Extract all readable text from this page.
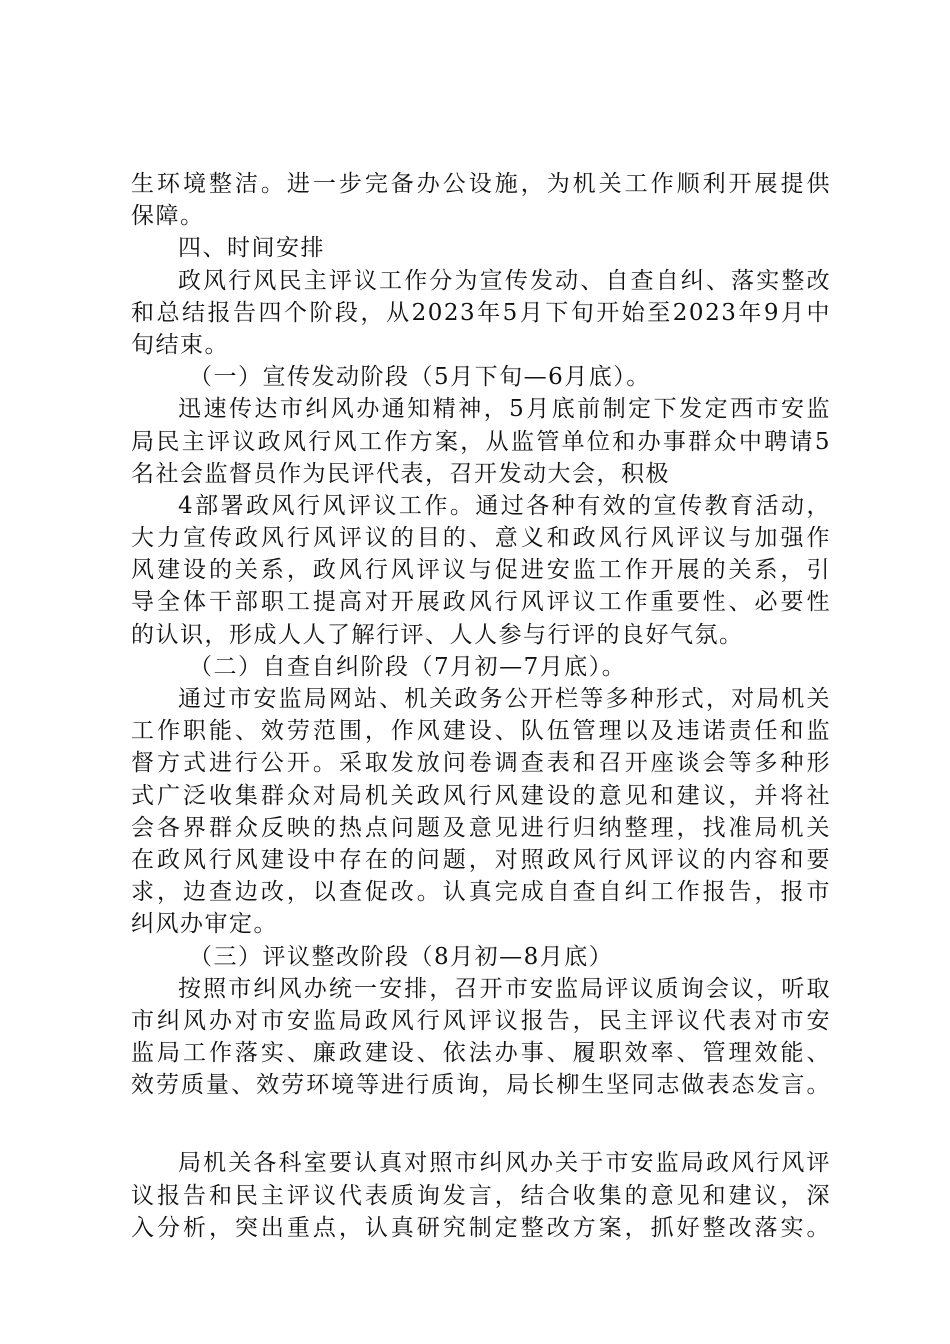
生环境整洁。进一步完备办公设施，为机关工作顺利开展提供
保障。
四、时间安排
政风行风民主评议工作分为宣传发动、自查自纠、落实整改
和总结报告四个阶段，从2023年5月下旬开始至2023年9月中
旬结束。
（一）宣传发动阶段（5月下旬—6月底）。
迅速传达市纠风办通知精神，5月底前制定下发定西市安监
局民主评议政风行风工作方案，从监管单位和办事群众中聘请5
名社会监督员作为民评代表，召开发动大会，积极
4部署政风行风评议工作。通过各种有效的宣传教育活动，
大力宣传政风行风评议的目的、意义和政风行风评议与加强作
风建设的关系，政风行风评议与促进安监工作开展的关系，引
导全体干部职工提高对开展政风行风评议工作重要性、必要性
的认识，形成人人了解行评、人人参与行评的良好气氛。
（二）自查自纠阶段（7月初—7月底）。
通过市安监局网站、机关政务公开栏等多种形式，对局机关
工作职能、效劳范围，作风建设、队伍管理以及违诺责任和监
督方式进行公开。采取发放问卷调查表和召开座谈会等多种形
式广泛收集群众对局机关政风行风建设的意见和建议，并将社
会各界群众反映的热点问题及意见进行归纳整理，找准局机关
在政风行风建设中存在的问题，对照政风行风评议的内容和要
求，边查边改，以查促改。认真完成自查自纠工作报告，报市
纠风办审定。
（三）评议整改阶段（8月初—8月底）
按照市纠风办统一安排，召开市安监局评议质询会议，听取
市纠风办对市安监局政风行风评议报告，民主评议代表对市安
监局工作落实、廉政建设、依法办事、履职效率、管理效能、
效劳质量、效劳环境等进行质询，局长柳生坚同志做表态发言。
局机关各科室要认真对照市纠风办关于市安监局政风行风评
议报告和民主评议代表质询发言，结合收集的意见和建议，深
入分析，突出重点，认真研究制定整改方案，抓好整改落实。
